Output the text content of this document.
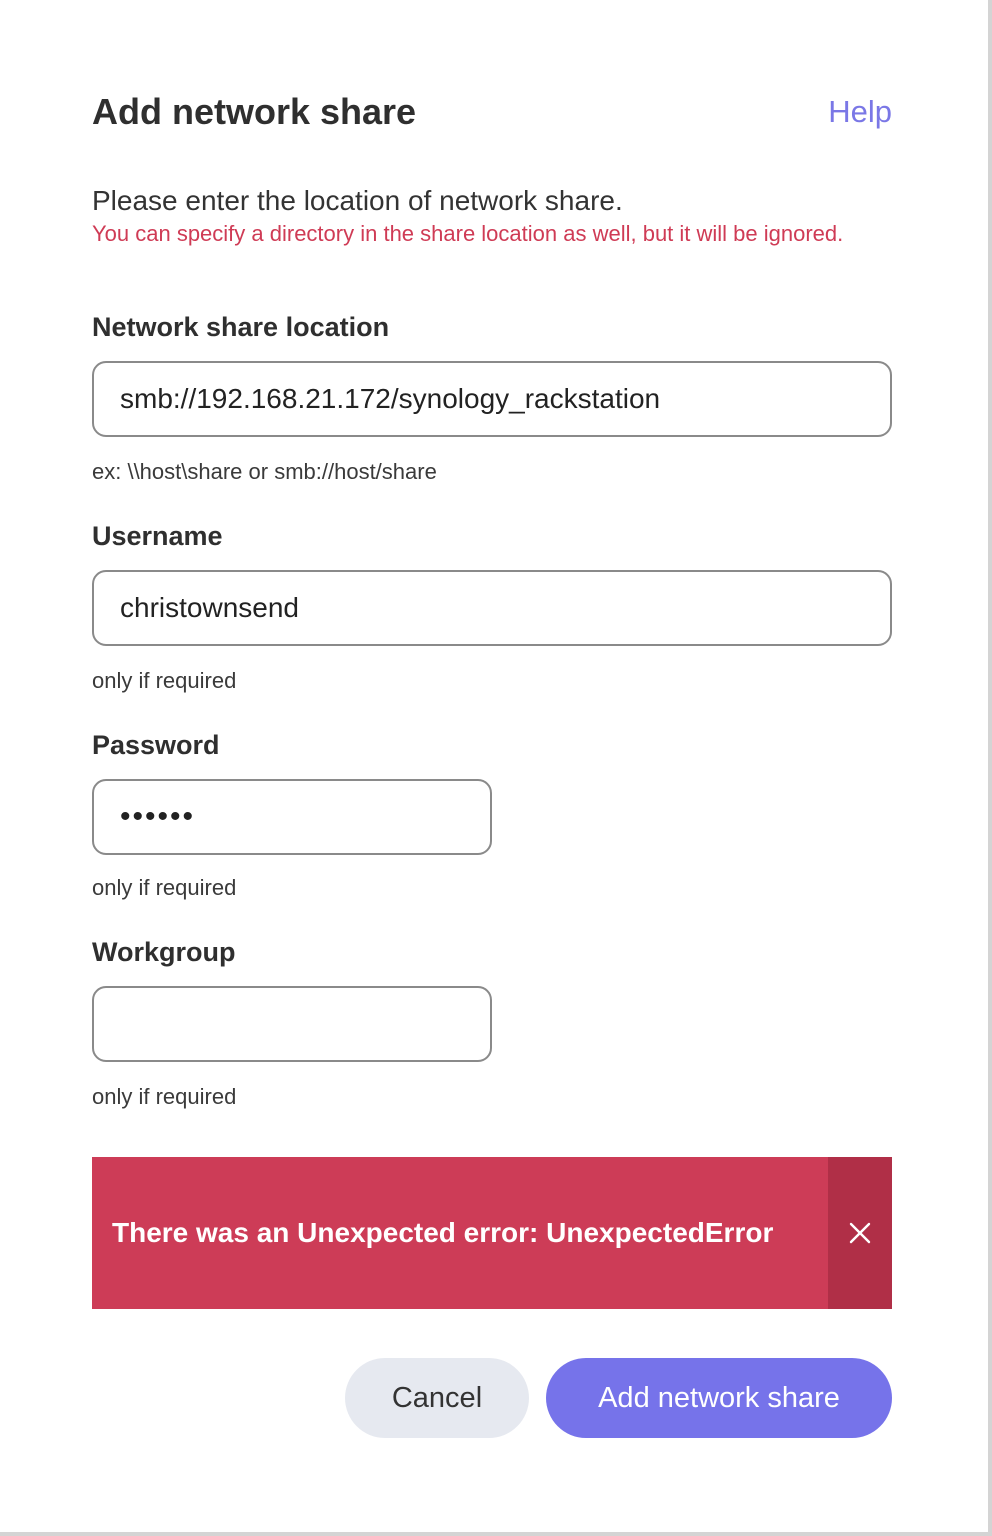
Add network share	Help
Please enter the location of network share.
You can specify a directory in the share location as well, but it will be ignored.
Network share location
smb://192.168.21.172/synology_rackstation
ex: \\host\share or smb://host/share
Username
christownsend
only if required
Password
••••••
only if required
Workgroup
only if required
There was an Unexpected error: UnexpectedError
Cancel	Add network share
